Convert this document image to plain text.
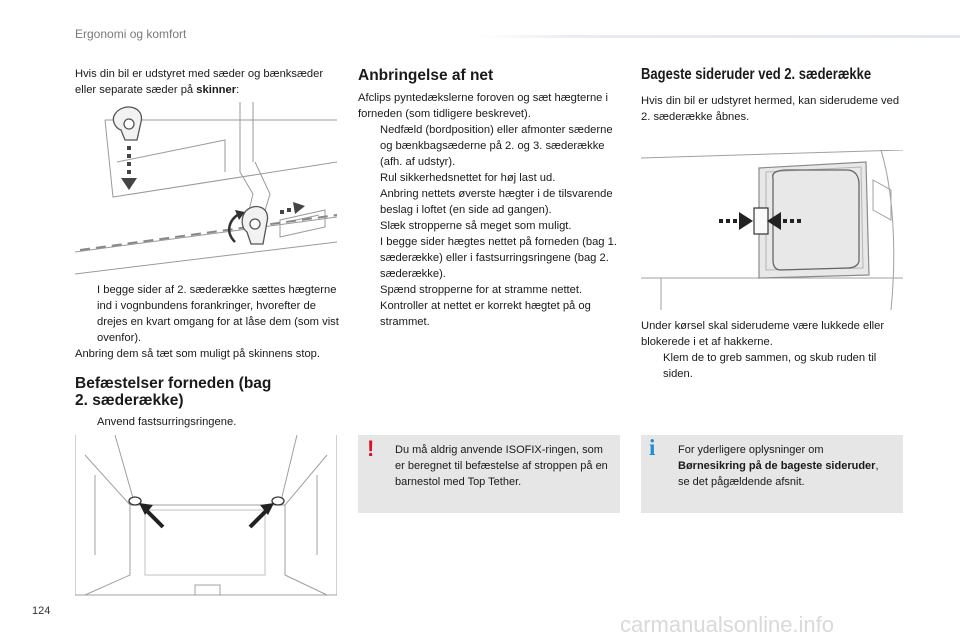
Ergonomi og komfort
Hvis din bil er udstyret med sæder og bænksæder eller separate sæder på skinner:
I begge sider af 2. sæderække sættes hægterne ind i vognbundens forankringer, hvorefter de drejes en kvart omgang for at låse dem (som vist ovenfor).
Anbring dem så tæt som muligt på skinnens stop.
Befæstelser forneden (bag
2. sæderække)
Anvend fastsurringsringene.
Anbringelse af net
Afclips pyntedækslerne foroven og sæt hægterne i forneden (som tidligere beskrevet).
Nedfæld (bordposition) eller afmonter sæderne og bænkbagsæderne på 2. og 3. sæderække (afh. af udstyr).
Rul sikkerhedsnettet for høj last ud.
Anbring nettets øverste hægter i de tilsvarende beslag i loftet (en side ad gangen).
Slæk stropperne så meget som muligt.
I begge sider hægtes nettet på forneden (bag 1. sæderække) eller i fastsurringsringene (bag 2. sæderække).
Spænd stropperne for at stramme nettet.
Kontroller at nettet er korrekt hægtet på og strammet.
! Du må aldrig anvende ISOFIX-ringen, som er beregnet til befæstelse af stroppen på en barnestol med Top Tether.
Bageste sideruder ved 2. sæderække
Hvis din bil er udstyret hermed, kan siderudeme ved 2. sæderække åbnes.
Under kørsel skal siderudeme være lukkede eller blokerede i et af hakkerne.
Klem de to greb sammen, og skub ruden til siden.
i For yderligere oplysninger om Børnesikring på de bageste sideruder, se det pågældende afsnit.
124
carmanualsonline.info
